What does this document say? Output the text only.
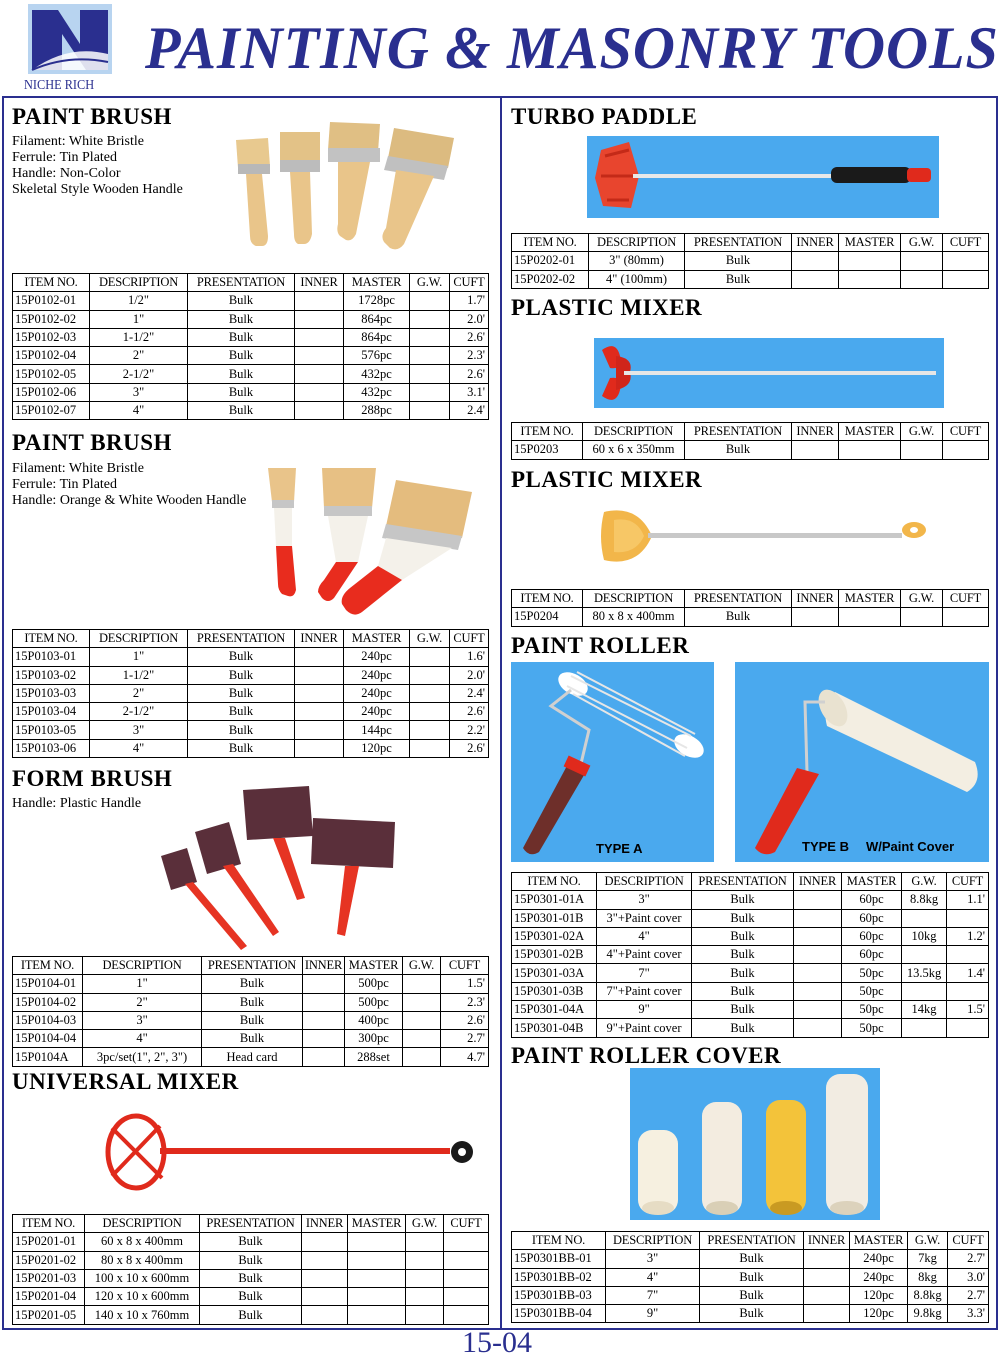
NICHE RICH
PAINTING & MASONRY TOOLS
PAINT BRUSH
Filament: White Bristle
Ferrule: Tin Plated
Handle: Non-Color
Skeletal Style Wooden Handle
ITEM NO.	DESCRIPTION	PRESENTATION	INNER	MASTER	G.W.	CUFT
15P0102-01	1/2"	Bulk		1728pc		1.7'
15P0102-02	1"	Bulk		864pc		2.0'
15P0102-03	1-1/2"	Bulk		864pc		2.6'
15P0102-04	2"	Bulk		576pc		2.3'
15P0102-05	2-1/2"	Bulk		432pc		2.6'
15P0102-06	3"	Bulk		432pc		3.1'
15P0102-07	4"	Bulk		288pc		2.4'
PAINT BRUSH
Filament: White Bristle
Ferrule: Tin Plated
Handle: Orange & White Wooden Handle
ITEM NO.	DESCRIPTION	PRESENTATION	INNER	MASTER	G.W.	CUFT
15P0103-01	1"	Bulk		240pc		1.6'
15P0103-02	1-1/2"	Bulk		240pc		2.0'
15P0103-03	2"	Bulk		240pc		2.4'
15P0103-04	2-1/2"	Bulk		240pc		2.6'
15P0103-05	3"	Bulk		144pc		2.2'
15P0103-06	4"	Bulk		120pc		2.6'
FORM BRUSH
Handle: Plastic Handle
ITEM NO.	DESCRIPTION	PRESENTATION	INNER	MASTER	G.W.	CUFT
15P0104-01	1"	Bulk		500pc		1.5'
15P0104-02	2"	Bulk		500pc		2.3'
15P0104-03	3"	Bulk		400pc		2.6'
15P0104-04	4"	Bulk		300pc		2.7'
15P0104A	3pc/set(1", 2", 3")	Head card		288set		4.7'
UNIVERSAL MIXER
ITEM NO.	DESCRIPTION	PRESENTATION	INNER	MASTER	G.W.	CUFT
15P0201-01	60 x 8 x 400mm	Bulk				
15P0201-02	80 x 8 x 400mm	Bulk				
15P0201-03	100 x 10 x 600mm	Bulk				
15P0201-04	120 x 10 x 600mm	Bulk				
15P0201-05	140 x 10 x 760mm	Bulk				
TURBO PADDLE
ITEM NO.	DESCRIPTION	PRESENTATION	INNER	MASTER	G.W.	CUFT
15P0202-01	3" (80mm)	Bulk				
15P0202-02	4" (100mm)	Bulk				
PLASTIC MIXER
ITEM NO.	DESCRIPTION	PRESENTATION	INNER	MASTER	G.W.	CUFT
15P0203	60 x 6 x 350mm	Bulk				
PLASTIC MIXER
ITEM NO.	DESCRIPTION	PRESENTATION	INNER	MASTER	G.W.	CUFT
15P0204	80 x 8 x 400mm	Bulk				
PAINT ROLLER
TYPE A	TYPE B W/Paint Cover
ITEM NO.	DESCRIPTION	PRESENTATION	INNER	MASTER	G.W.	CUFT
15P0301-01A	3"	Bulk		60pc	8.8kg	1.1'
15P0301-01B	3"+Paint cover	Bulk		60pc		
15P0301-02A	4"	Bulk		60pc	10kg	1.2'
15P0301-02B	4"+Paint cover	Bulk		60pc		
15P0301-03A	7"	Bulk		50pc	13.5kg	1.4'
15P0301-03B	7"+Paint cover	Bulk		50pc		
15P0301-04A	9"	Bulk		50pc	14kg	1.5'
15P0301-04B	9"+Paint cover	Bulk		50pc		
PAINT ROLLER COVER
ITEM NO.	DESCRIPTION	PRESENTATION	INNER	MASTER	G.W.	CUFT
15P0301BB-01	3"	Bulk		240pc	7kg	2.7'
15P0301BB-02	4"	Bulk		240pc	8kg	3.0'
15P0301BB-03	7"	Bulk		120pc	8.8kg	2.7'
15P0301BB-04	9"	Bulk		120pc	9.8kg	3.3'
15-04
